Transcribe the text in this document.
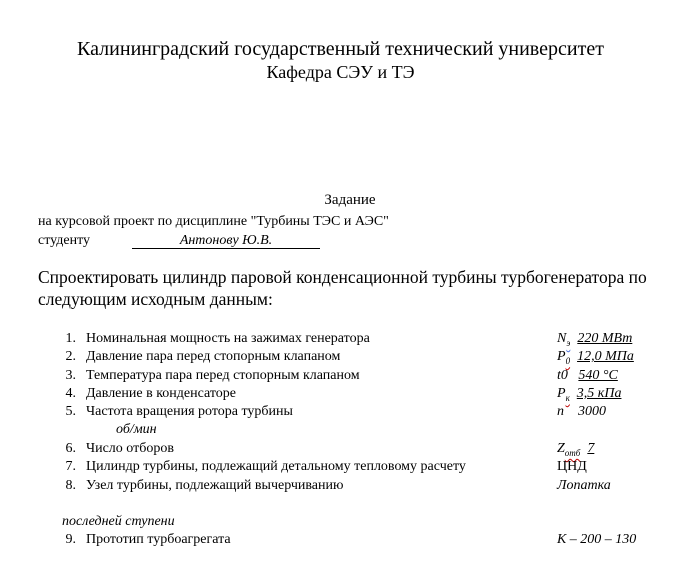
Калининградский государственный технический университет
Кафедра СЭУ и ТЭ
Задание
на курсовой проект по дисциплине "Турбины ТЭС и АЭС"
студенту	Антонову Ю.В.
Спроектировать цилиндр паровой конденсационной турбины турбогенератора по следующим исходным данным:
1. Номинальная мощность на зажимах генератора	$N_э$ 220 МВт
2. Давление пара перед стопорным клапаном	$P_0$ 12,0 МПа
3. Температура пара перед стопорным клапаном	t0 540 °С
4. Давление в конденсаторе	$P_к$ 3,5 кПа
5. Частота вращения ротора турбины	n 3000
об/мин
6. Число отборов	$Z_{отб}$ 7
7. Цилиндр турбины, подлежащий детальному тепловому расчету	ЦНД
8. Узел турбины, подлежащий вычерчиванию	Лопатка
последней ступени
9. Прототип турбоагрегата	К – 200 – 130
